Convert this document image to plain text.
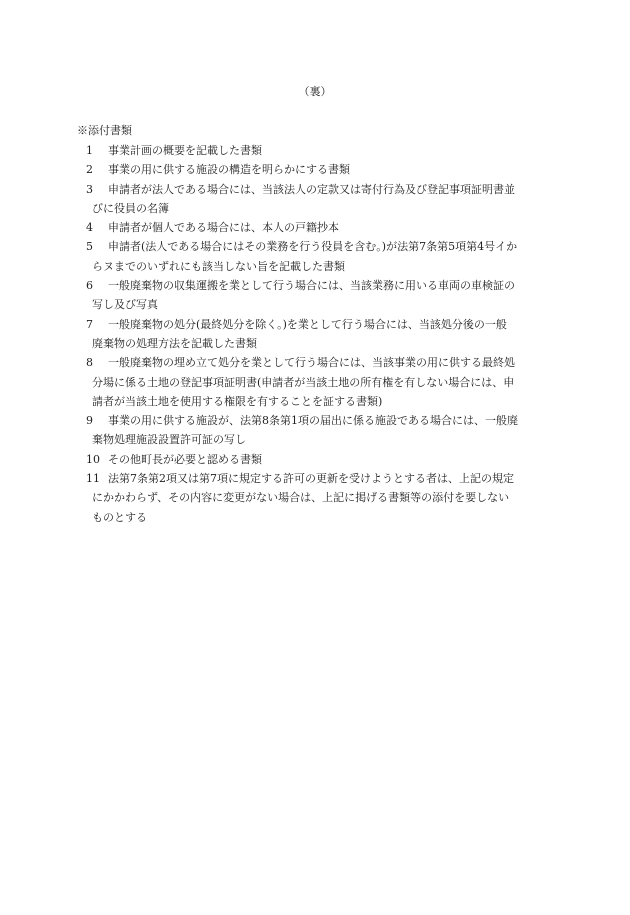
（裏）
※添付書類
1 事業計画の概要を記載した書類
2 事業の用に供する施設の構造を明らかにする書類
3 申請者が法人である場合には、当該法人の定款又は寄付行為及び登記事項証明書並
びに役員の名簿
4 申請者が個人である場合には、本人の戸籍抄本
5 申請者(法人である場合にはその業務を行う役員を含む。)が法第7条第5項第4号イか
らヌまでのいずれにも該当しない旨を記載した書類
6 一般廃棄物の収集運搬を業として行う場合には、当該業務に用いる車両の車検証の
写し及び写真
7 一般廃棄物の処分(最終処分を除く。)を業として行う場合には、当該処分後の一般
廃棄物の処理方法を記載した書類
8 一般廃棄物の埋め立て処分を業として行う場合には、当該事業の用に供する最終処
分場に係る土地の登記事項証明書(申請者が当該土地の所有権を有しない場合には、申
請者が当該土地を使用する権限を有することを証する書類)
9 事業の用に供する施設が、法第8条第1項の届出に係る施設である場合には、一般廃
棄物処理施設設置許可証の写し
10 その他町長が必要と認める書類
11 法第7条第2項又は第7項に規定する許可の更新を受けようとする者は、上記の規定
にかかわらず、その内容に変更がない場合は、上記に掲げる書類等の添付を要しない
ものとする
